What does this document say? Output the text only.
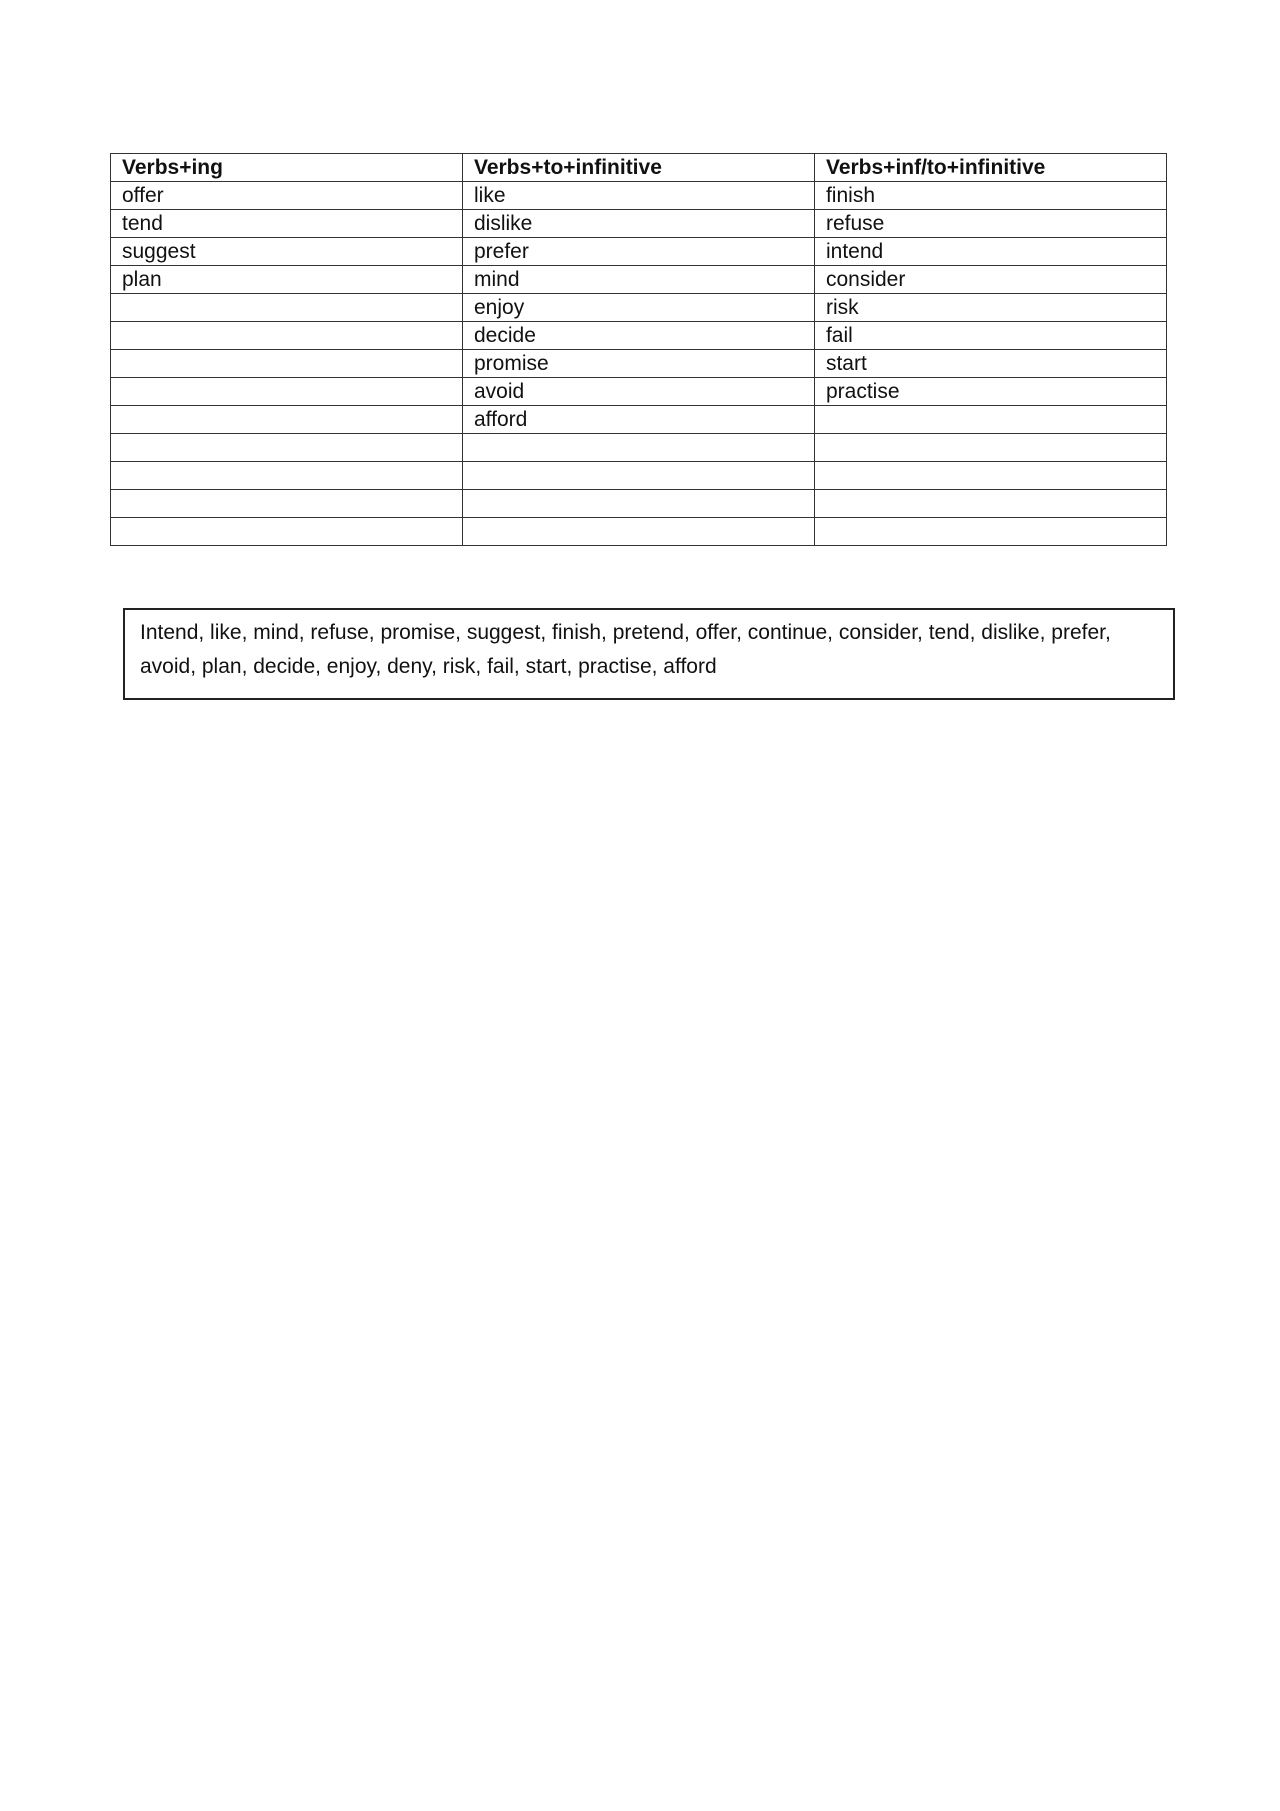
Verbs+ing	Verbs+to+infinitive	Verbs+inf/to+infinitive
offer	like	finish
tend	dislike	refuse
suggest	prefer	intend
plan	mind	consider
	enjoy	risk
	decide	fail
	promise	start
	avoid	practise
	afford	

Intend, like, mind, refuse, promise, suggest, finish, pretend, offer, continue, consider, tend, dislike, prefer,
avoid, plan, decide, enjoy, deny, risk, fail, start, practise, afford
